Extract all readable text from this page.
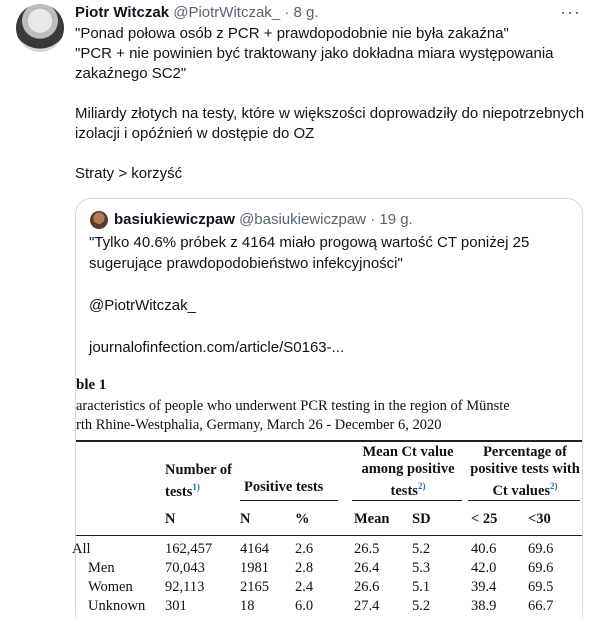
Piotr Witczak @PiotrWitczak_ · 8 g.	···

"Ponad połowa osób z PCR + prawdopodobnie nie była zakaźna"

"PCR + nie powinien być traktowany jako dokładna miara występowania zakaźnego SC2"

Miliardy złotych na testy, które w większości doprowadziły do niepotrzebnych izolacji i opóźnień w dostępie do OZ

Straty > korzyść

basiukiewiczpaw @basiukiewiczpaw · 19 g.

"Tylko 40.6% próbek z 4164 miało progową wartość CT poniżej 25 sugerujące prawdopodobieństwo infekcyjności"

@PiotrWitczak_

journalofinfection.com/article/S0163-...

ble 1
aracteristics of people who underwent PCR testing in the region of Münste
rth Rhine-Westphalia, Germany, March 26 - December 6, 2020
Number of tests$^{1)}$	Positive tests
Mean Ct value among positive tests$^{2)}$
Percentage of positive tests with Ct values$^{2)}$
N	N	%	Mean SD	< 25 <30
All	162,457 4164 2.6	26.5 5.2	40.6 69.6
Men	70,043 1981 2.8	26.4 5.3	42.0 69.6
Women 92,113 2165 2.4	26.6 5.1	39.4 69.5
Unknown 301	18	6.0	27.4 5.2	38.9 66.7
